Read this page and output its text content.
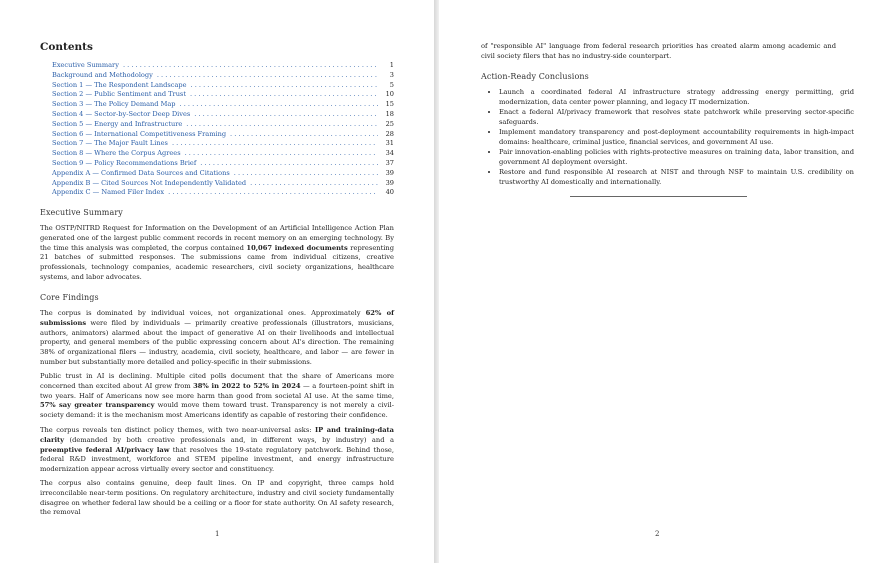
Contents
Executive Summary . . .	1
Background and Methodology . . .	3
Section 1 — The Respondent Landscape . . .	5
Section 2 — Public Sentiment and Trust . . .	10
Section 3 — The Policy Demand Map . . .	15
Section 4 — Sector-by-Sector Deep Dives . . .	18
Section 5 — Energy and Infrastructure . . .	25
Section 6 — International Competitiveness Framing . . .	28
Section 7 — The Major Fault Lines . . .	31
Section 8 — Where the Corpus Agrees . . .	34
Section 9 — Policy Recommendations Brief . . .	37
Appendix A — Confirmed Data Sources and Citations . . .	39
Appendix B — Cited Sources Not Independently Validated . . .	39
Appendix C — Named Filer Index . . .	40
Executive Summary

The OSTP/NITRD Request for Information on the Development of an Artificial Intelligence Action Plan generated one of the largest public comment records in recent memory on an emerging technology. By the time this analysis was completed, the corpus contained 10,067 indexed documents representing 21 batches of submitted responses. The submissions came from individual citizens, creative professionals, technology companies, academic researchers, civil society organizations, healthcare systems, and labor advocates.

Core Findings

The corpus is dominated by individual voices, not organizational ones. Approximately 62% of submissions were filed by individuals — primarily creative professionals (illustrators, musicians, authors, animators) alarmed about the impact of generative AI on their livelihoods and intellectual property, and general members of the public expressing concern about AI's direction. The remaining 38% of organizational filers — industry, academia, civil society, healthcare, and labor — are fewer in number but substantially more detailed and policy-specific in their submissions.

Public trust in AI is declining. Multiple cited polls document that the share of Americans more concerned than excited about AI grew from 38% in 2022 to 52% in 2024 — a fourteen-point shift in two years. Half of Americans now see more harm than good from societal AI use. At the same time, 57% say greater transparency would move them toward trust. Transparency is not merely a civil-society demand: it is the mechanism most Americans identify as capable of restoring their confidence.

The corpus reveals ten distinct policy themes, with two near-universal asks: IP and training-data clarity (demanded by both creative professionals and, in different ways, by industry) and a preemptive federal AI/privacy law that resolves the 19-state regulatory patchwork. Behind those, federal R&D investment, workforce and STEM pipeline investment, and energy infrastructure modernization appear across virtually every sector and constituency.

The corpus also contains genuine, deep fault lines. On IP and copyright, three camps hold irreconcilable near-term positions. On regulatory architecture, industry and civil society fundamentally disagree on whether federal law should be a ceiling or a floor for state authority. On AI safety research, the removal

1

of "responsible AI" language from federal research priorities has created alarm among academic and civil society filers that has no industry-side counterpart.

Action-Ready Conclusions
• Launch a coordinated federal AI infrastructure strategy addressing energy permitting, grid modernization, data center power planning, and legacy IT modernization.
• Enact a federal AI/privacy framework that resolves state patchwork while preserving sector-specific safeguards.
• Implement mandatory transparency and post-deployment accountability requirements in high-impact domains: healthcare, criminal justice, financial services, and government AI use.
• Pair innovation-enabling policies with rights-protective measures on training data, labor transition, and government AI deployment oversight.
• Restore and fund responsible AI research at NIST and through NSF to maintain U.S. credibility on trustworthy AI domestically and internationally.
2
